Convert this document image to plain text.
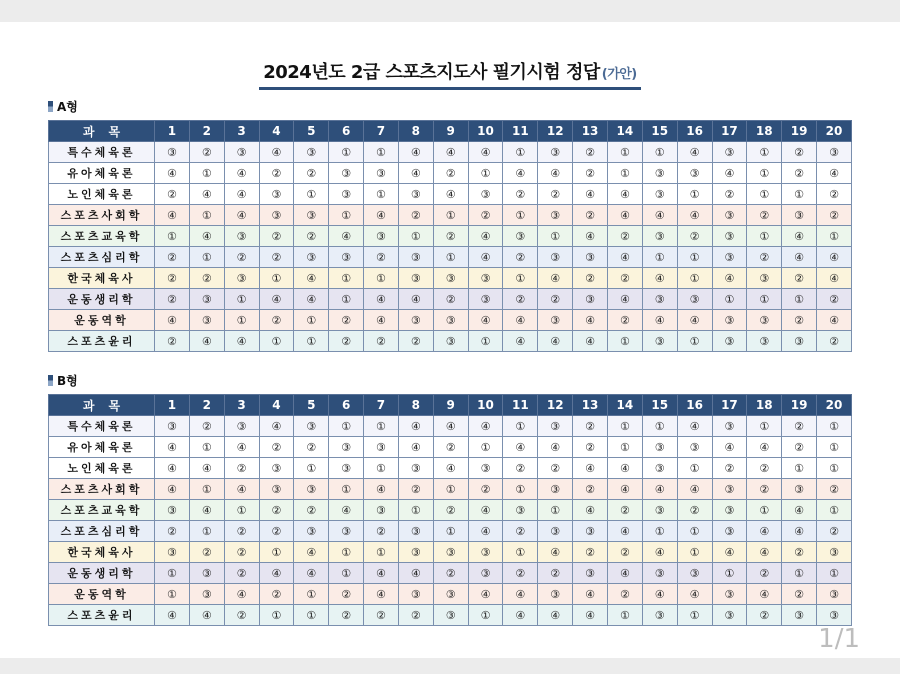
2024년도 2급 스포츠지도사 필기시험 정답 (가안)
A형
과목	1	2	3	4	5	6	7	8	9	10	11	12	13	14	15	16	17	18	19	20
특수체육론	③	②	③	④	③	①	①	④	④	④	①	③	②	①	①	④	③	①	②	③
유아체육론	④	①	④	②	②	③	③	④	②	①	④	④	②	①	③	③	④	①	②	④
노인체육론	②	④	④	③	①	③	①	③	④	③	②	②	④	④	③	①	②	①	①	②
스포츠사회학	④	①	④	③	③	①	④	②	①	②	①	③	②	④	④	④	③	②	③	②
스포츠교육학	①	④	③	②	②	④	③	①	②	④	③	①	④	②	③	②	③	①	④	①
스포츠심리학	②	①	②	②	③	③	②	③	①	④	②	③	③	④	①	①	③	②	④	④
한국체육사	②	②	③	①	④	①	①	③	③	③	①	④	②	②	④	①	④	③	②	④
운동생리학	②	③	①	④	④	①	④	④	②	③	②	②	③	④	③	③	①	①	①	②
운동역학	④	③	①	②	①	②	④	③	③	④	④	③	④	②	④	④	③	③	②	④
스포츠윤리	②	④	④	①	①	②	②	②	③	①	④	④	④	①	③	①	③	③	③	②
B형
과목	1	2	3	4	5	6	7	8	9	10	11	12	13	14	15	16	17	18	19	20
특수체육론	③	②	③	④	③	①	①	④	④	④	①	③	②	①	①	④	③	①	②	①
유아체육론	④	①	④	②	②	③	③	④	②	①	④	④	②	①	③	③	④	④	②	①
노인체육론	④	④	②	③	①	③	①	③	④	③	②	②	④	④	③	①	②	②	①	①
스포츠사회학	④	①	④	③	③	①	④	②	①	②	①	③	②	④	④	④	③	②	③	②
스포츠교육학	③	④	①	②	②	④	③	①	②	④	③	①	④	②	③	②	③	①	④	①
스포츠심리학	②	①	②	②	③	③	②	③	①	④	②	③	③	④	①	①	③	④	④	②
한국체육사	③	②	②	①	④	①	①	③	③	③	①	④	②	②	④	①	④	④	②	③
운동생리학	①	③	②	④	④	①	④	④	②	③	②	②	③	④	③	③	①	②	①	①
운동역학	①	③	④	②	①	②	④	③	③	④	④	③	④	②	④	④	③	④	②	③
스포츠윤리	④	④	②	①	①	②	②	②	③	①	④	④	④	①	③	①	③	②	③	③
1/1
